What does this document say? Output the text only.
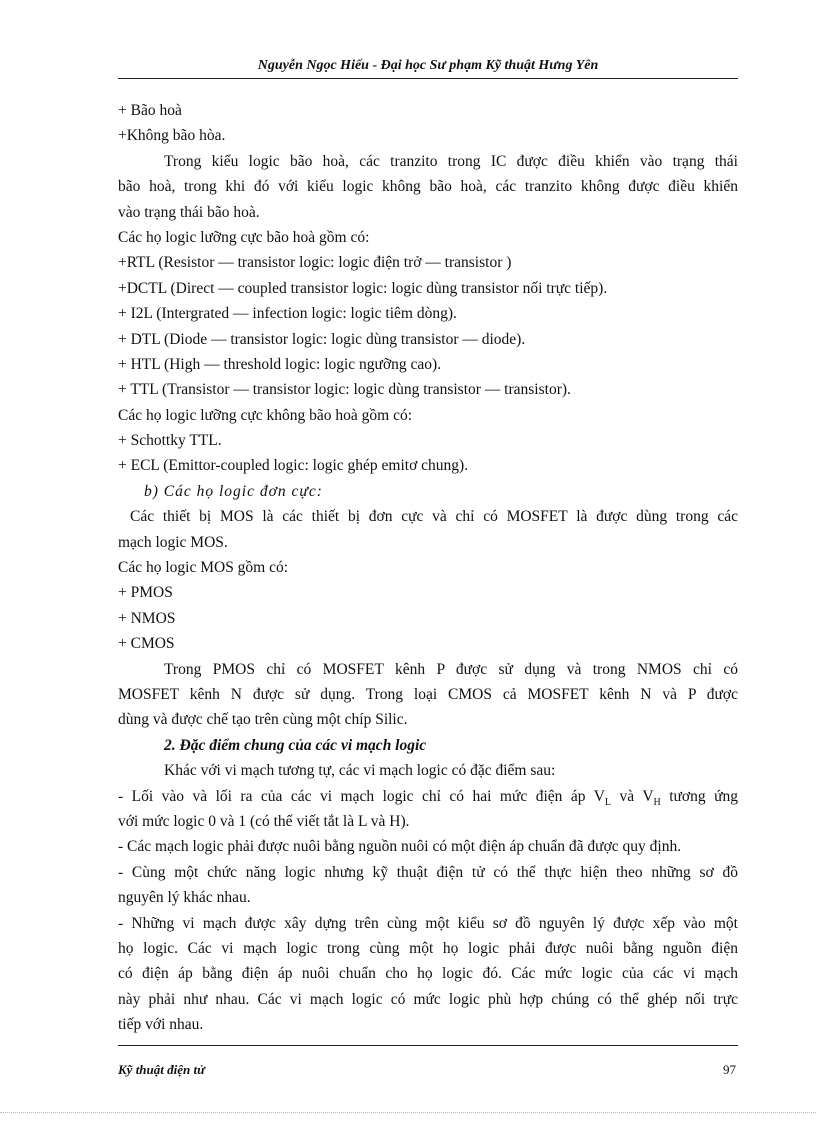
Nguyễn Ngọc Hiếu - Đại học Sư phạm Kỹ thuật Hưng Yên
+ Bão hoà
+Không bão hòa.
Trong kiểu logic bão hoà, các tranzito trong IC được điều khiển vào trạng thái
bão hoà, trong khi đó với kiểu logic không bão hoà, các tranzito không được điều khiển
vào trạng thái bão hoà.
Các họ logic lưỡng cực bão hoà gồm có:
+RTL (Resistor — transistor logic: logic điện trở — transistor )
+DCTL (Direct — coupled transistor logic: logic dùng transistor nối trực tiếp).
+ I2L (Intergrated — infection logic: logic tiêm dòng).
+ DTL (Diode — transistor logic: logic dùng transistor — diode).
+ HTL (High — threshold logic: logic ngưỡng cao).
+ TTL (Transistor — transistor logic: logic dùng transistor — transistor).
Các họ logic lưỡng cực không bão hoà gồm có:
+ Schottky TTL.
+ ECL (Emittor-coupled logic: logic ghép emitơ chung).
b) Các họ logic đơn cực:
Các thiết bị MOS là các thiết bị đơn cực và chỉ có MOSFET là được dùng trong các
mạch logic MOS.
Các họ logic MOS gồm có:
+ PMOS
+ NMOS
+ CMOS
Trong PMOS chỉ có MOSFET kênh P được sử dụng và trong NMOS chỉ có
MOSFET kênh N được sử dụng. Trong loại CMOS cả MOSFET kênh N và P được
dùng và được chế tạo trên cùng một chíp Silic.
2. Đặc điểm chung của các vi mạch logic
Khác với vi mạch tương tự, các vi mạch logic có đặc điểm sau:
- Lối vào và lối ra của các vi mạch logic chỉ có hai mức điện áp $V_L$ và $V_H$ tương ứng
với mức logic 0 và 1 (có thể viết tắt là L và H).
- Các mạch logic phải được nuôi bằng nguồn nuôi có một điện áp chuẩn đã được quy định.
- Cùng một chức năng logic nhưng kỹ thuật điện tử có thể thực hiện theo những sơ đồ
nguyên lý khác nhau.
- Những vi mạch được xây dựng trên cùng một kiểu sơ đồ nguyên lý được xếp vào một
họ logic. Các vi mạch logic trong cùng một họ logic phải được nuôi bằng nguồn điện
có điện áp bằng điện áp nuôi chuẩn cho họ logic đó. Các mức logic của các vi mạch
này phải như nhau. Các vi mạch logic có mức logic phù hợp chúng có thể ghép nối trực
tiếp với nhau.
Kỹ thuật điện tử	97
